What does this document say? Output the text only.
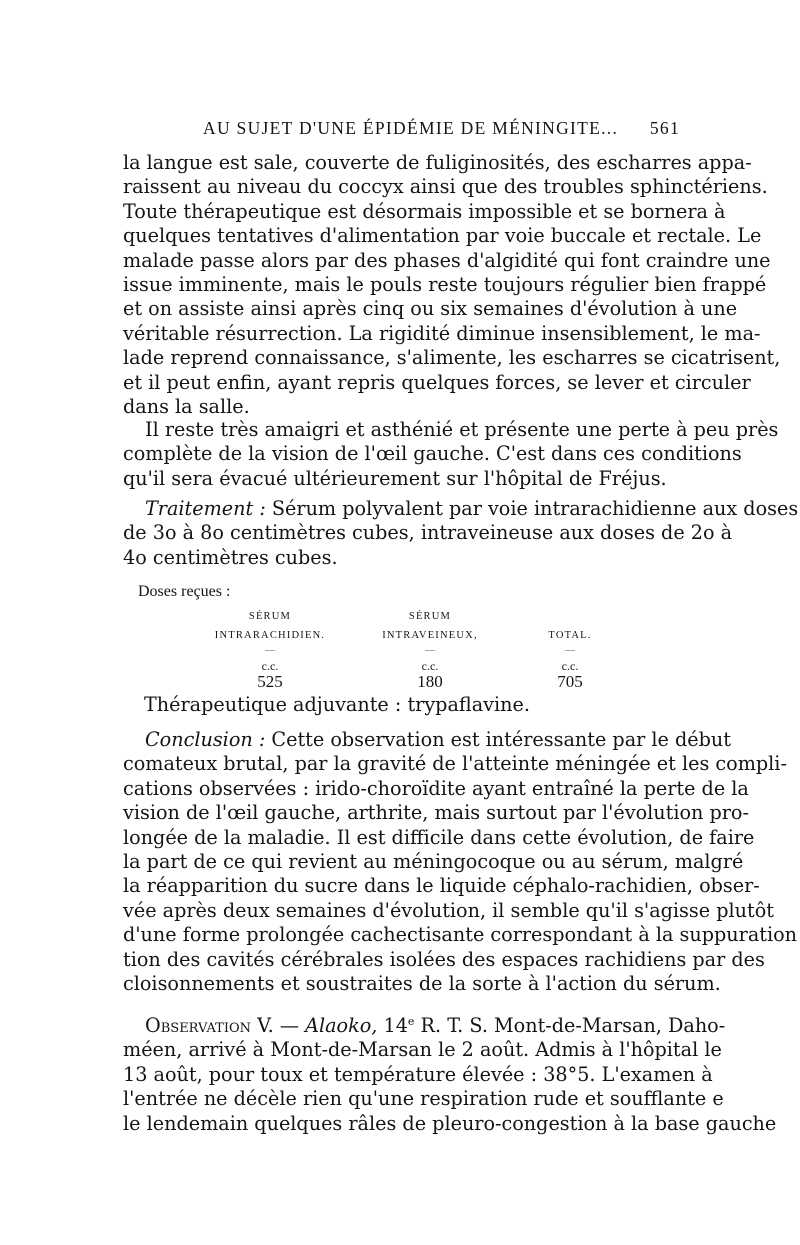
AU SUJET D'UNE ÉPIDÉMIE DE MÉNINGITE... 561

la langue est sale, couverte de fuliginosités, des escharres appa-
raissent au niveau du coccyx ainsi que des troubles sphinctériens.
Toute thérapeutique est désormais impossible et se bornera à
quelques tentatives d'alimentation par voie buccale et rectale. Le
malade passe alors par des phases d'algidité qui font craindre une
issue imminente, mais le pouls reste toujours régulier bien frappé
et on assiste ainsi après cinq ou six semaines d'évolution à une
véritable résurrection. La rigidité diminue insensiblement, le ma-
lade reprend connaissance, s'alimente, les escharres se cicatrisent,
et il peut enfin, ayant repris quelques forces, se lever et circuler
dans la salle.

Il reste très amaigri et asthénié et présente une perte à peu près
complète de la vision de l'œil gauche. C'est dans ces conditions
qu'il sera évacué ultérieurement sur l'hôpital de Fréjus.

Traitement : Sérum polyvalent par voie intrarachidienne aux doses
de 3o à 8o centimètres cubes, intraveineuse aux doses de 2o à
4o centimètres cubes.

Doses reçues :
SÉRUM
INTRARACHIDIEN.
—
c.c.
525
SÉRUM
INTRAVEINEUX,
—
c.c.
180
TOTAL.
—
c.c.
705

Thérapeutique adjuvante : trypaflavine.

Conclusion : Cette observation est intéressante par le début
comateux brutal, par la gravité de l'atteinte méningée et les compli-
cations observées : irido-choroïdite ayant entraîné la perte de la
vision de l'œil gauche, arthrite, mais surtout par l'évolution pro-
longée de la maladie. Il est difficile dans cette évolution, de faire
la part de ce qui revient au méningocoque ou au sérum, malgré
la réapparition du sucre dans le liquide céphalo-rachidien, obser-
vée après deux semaines d'évolution, il semble qu'il s'agisse plutôt
d'une forme prolongée cachectisante correspondant à la suppuration
tion des cavités cérébrales isolées des espaces rachidiens par des
cloisonnements et soustraites de la sorte à l'action du sérum.

Observation V. — Alaoko, 14e R. T. S. Mont-de-Marsan, Daho-
méen, arrivé à Mont-de-Marsan le 2 août. Admis à l'hôpital le
13 août, pour toux et température élevée : 38°5. L'examen à
l'entrée ne décèle rien qu'une respiration rude et soufflante e
le lendemain quelques râles de pleuro-congestion à la base gauche
